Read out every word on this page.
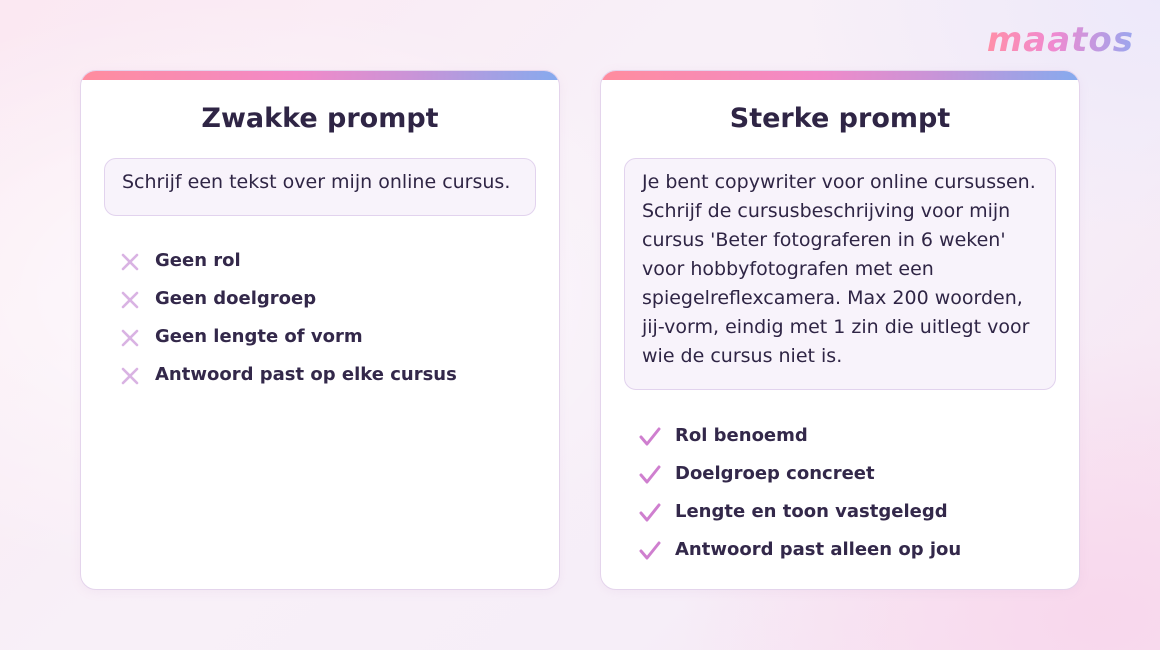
maatos
Zwakke prompt
Schrijf een tekst over mijn online cursus.
Geen rol
Geen doelgroep
Geen lengte of vorm
Antwoord past op elke cursus
Sterke prompt
Je bent copywriter voor online cursussen. Schrijf de cursusbeschrijving voor mijn cursus 'Beter fotograferen in 6 weken' voor hobbyfotografen met een spiegelreflexcamera. Max 200 woorden, jij-vorm, eindig met 1 zin die uitlegt voor wie de cursus niet is.
Rol benoemd
Doelgroep concreet
Lengte en toon vastgelegd
Antwoord past alleen op jou
